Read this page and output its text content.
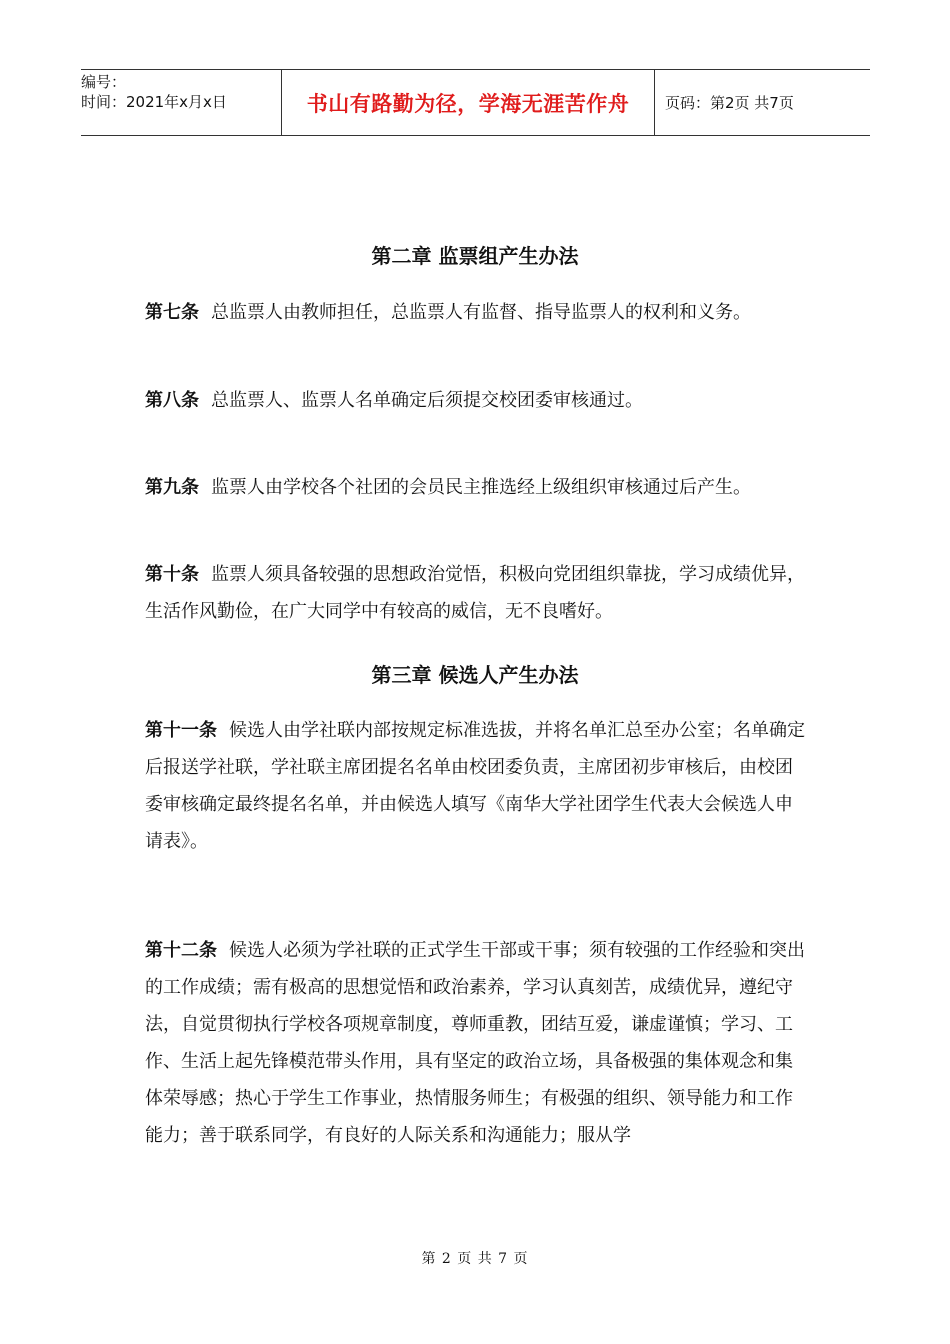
编号：
时间：2021年x月x日	书山有路勤为径，学海无涯苦作舟	页码：第2页 共7页
第二章 监票组产生办法
第七条 总监票人由教师担任，总监票人有监督、指导监票人的权利和义务。
第八条 总监票人、监票人名单确定后须提交校团委审核通过。
第九条 监票人由学校各个社团的会员民主推选经上级组织审核通过后产生。
第十条 监票人须具备较强的思想政治觉悟，积极向党团组织靠拢，学习成绩优异，生活作风勤俭，在广大同学中有较高的威信，无不良嗜好。
第三章 候选人产生办法
第十一条 候选人由学社联内部按规定标准选拔，并将名单汇总至办公室；名单确定后报送学社联，学社联主席团提名名单由校团委负责，主席团初步审核后，由校团委审核确定最终提名名单，并由候选人填写《南华大学社团学生代表大会候选人申请表》。
第十二条 候选人必须为学社联的正式学生干部或干事；须有较强的工作经验和突出的工作成绩；需有极高的思想觉悟和政治素养，学习认真刻苦，成绩优异，遵纪守法，自觉贯彻执行学校各项规章制度，尊师重教，团结互爱，谦虚谨慎；学习、工作、生活上起先锋模范带头作用，具有坚定的政治立场，具备极强的集体观念和集体荣辱感；热心于学生工作事业，热情服务师生；有极强的组织、领导能力和工作能力；善于联系同学，有良好的人际关系和沟通能力；服从学
第 2 页 共 7 页
